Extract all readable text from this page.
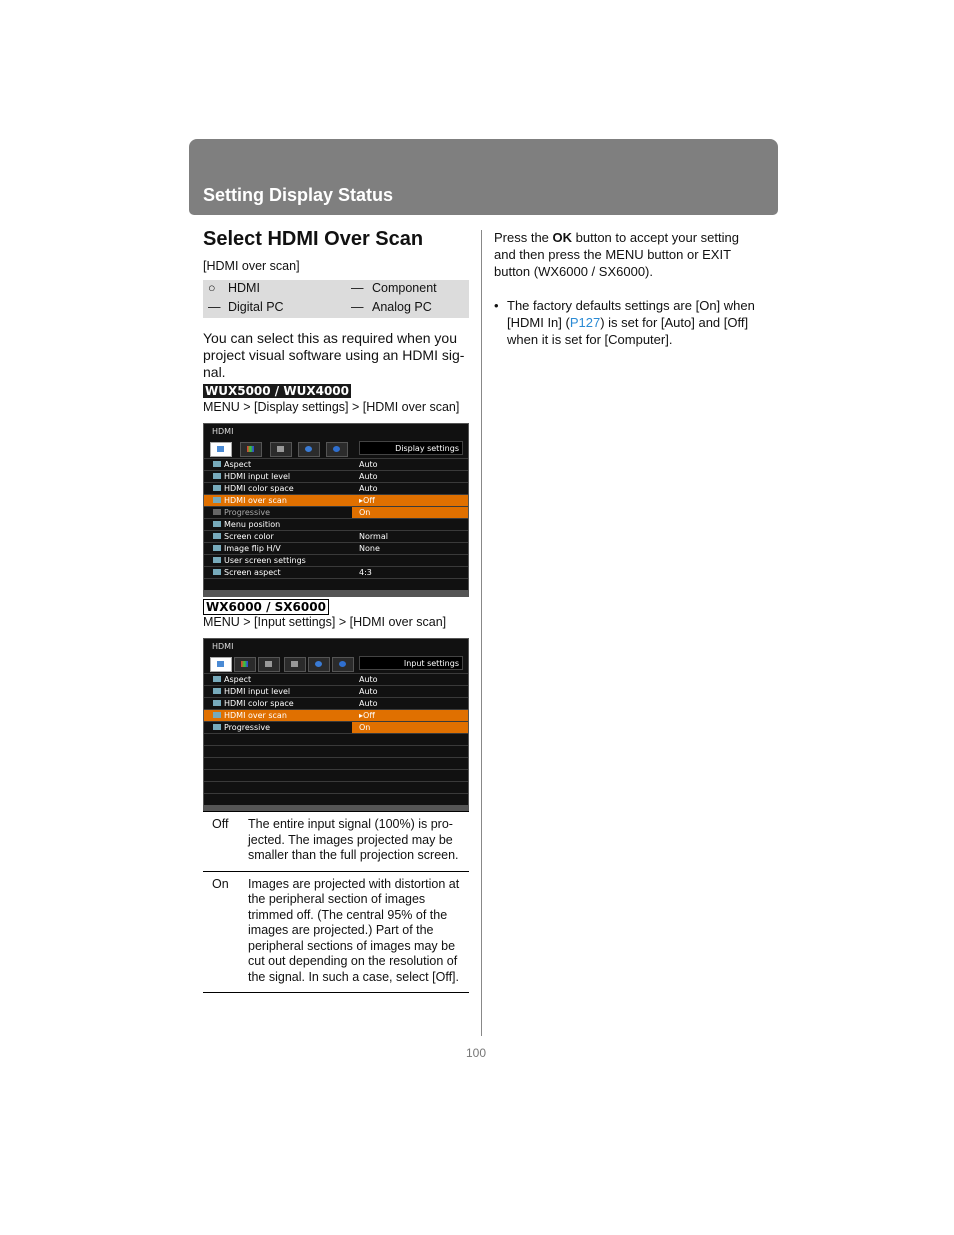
Setting Display Status
Select HDMI Over Scan
[HDMI over scan]
○ HDMI	— Component
— Digital PC	— Analog PC
You can select this as required when you project visual software using an HDMI sig-nal.
WUX5000 / WUX4000
MENU > [Display settings] > [HDMI over scan]
HDMI
Display settings
Aspect	Auto
HDMI input level	Auto
HDMI color space	Auto
HDMI over scan	▸Off
Progressive	On
Menu position
Screen color	Normal
Image flip H/V	None
User screen settings
Screen aspect	4:3
WX6000 / SX6000
MENU > [Input settings] > [HDMI over scan]
HDMI
Input settings
Aspect	Auto
HDMI input level	Auto
HDMI color space	Auto
HDMI over scan	▸Off
Progressive	On
Off The entire input signal (100%) is pro-jected. The images projected may be smaller than the full projection screen.
On Images are projected with distortion at the peripheral section of images trimmed off. (The central 95% of the images are projected.) Part of the peripheral sections of images may be cut out depending on the resolution of the signal. In such a case, select [Off].
Press the OK button to accept your setting and then press the MENU button or EXIT button (WX6000 / SX6000).
• The factory defaults settings are [On] when [HDMI In] (P127) is set for [Auto] and [Off] when it is set for [Computer].
100
